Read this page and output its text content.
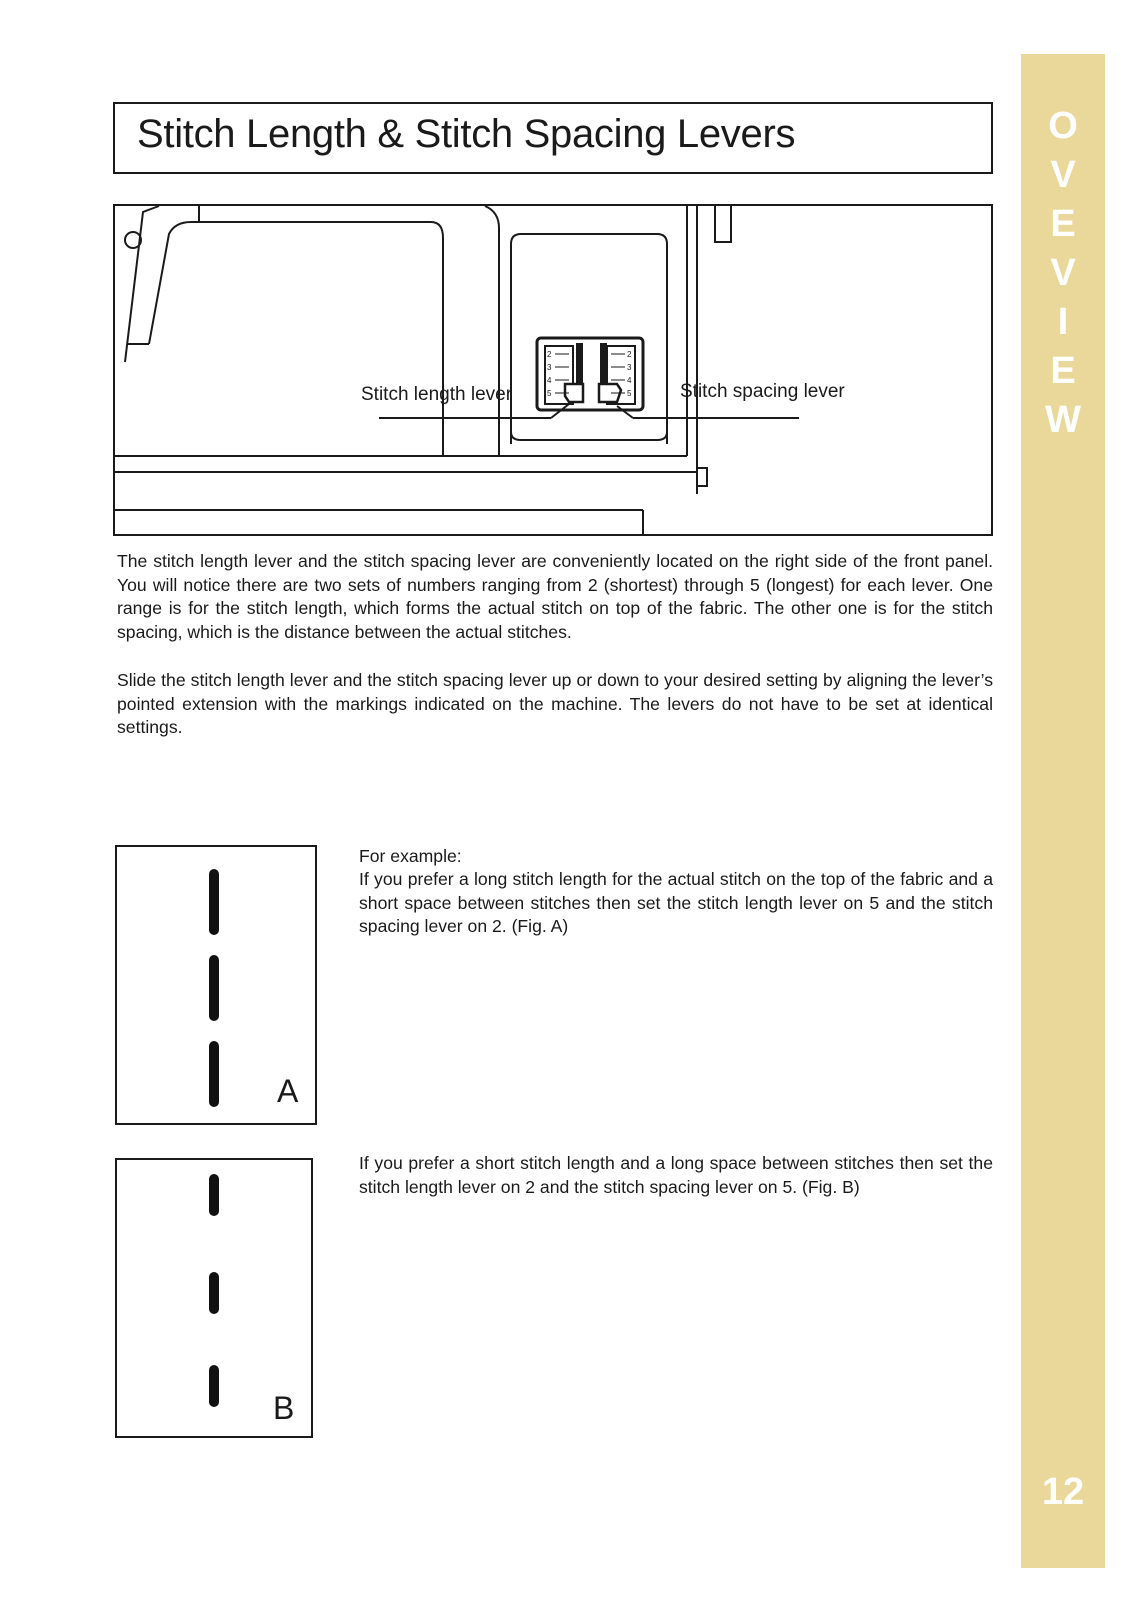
Stitch Length & Stitch Spacing Levers
2
3
4
5
2
3
4
5
Stitch length lever	Stitch spacing lever

The stitch length lever and the stitch spacing lever are conveniently located on the right side of the front panel. You will notice there are two sets of numbers ranging from 2 (shortest) through 5 (longest) for each lever. One range is for the stitch length, which forms the actual stitch on top of the fabric. The other one is for the stitch spacing, which is the distance between the actual stitches.

Slide the stitch length lever and the stitch spacing lever up or down to your desired setting by aligning the lever’s pointed extension with the markings indicated on the machine. The levers do not have to be set at identical settings.

A
B

For example:

If you prefer a long stitch length for the actual stitch on the top of the fabric and a short space between stitches then set the stitch length lever on 5 and the stitch spacing lever on 2. (Fig. A)

If you prefer a short stitch length and a long space between stitches then set the stitch length lever on 2 and the stitch spacing lever on 5. (Fig. B)

O
V
E
V
I
E
W
12
